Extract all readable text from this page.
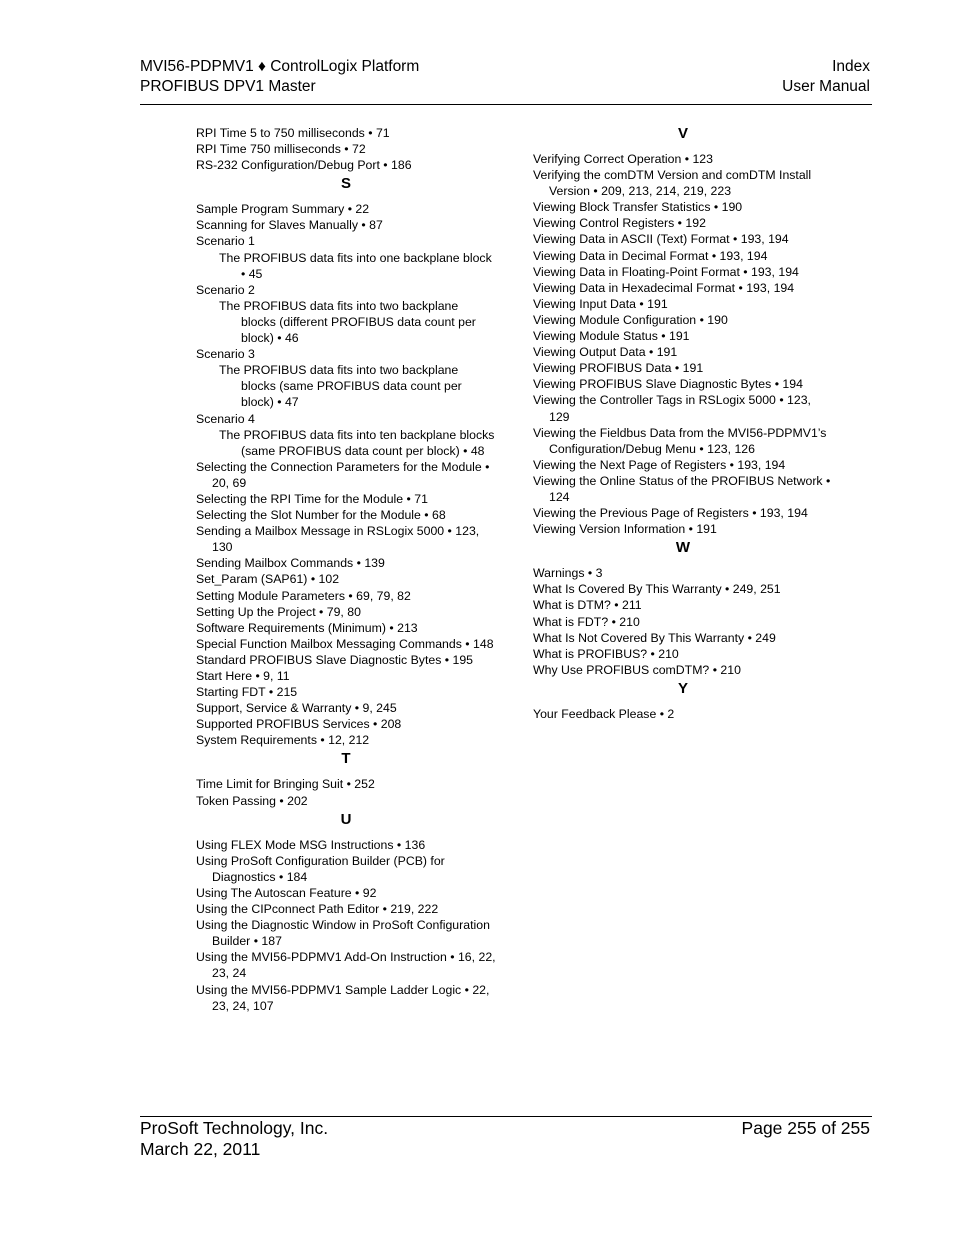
MVI56-PDPMV1 ♦ ControlLogix Platform
PROFIBUS DPV1 Master
Index
User Manual
RPI Time 5 to 750 milliseconds • 71
RPI Time 750 milliseconds • 72
RS-232 Configuration/Debug Port • 186
S
Sample Program Summary • 22
Scanning for Slaves Manually • 87
Scenario 1
The PROFIBUS data fits into one backplane block • 45
Scenario 2
The PROFIBUS data fits into two backplane blocks (different PROFIBUS data count per block) • 46
Scenario 3
The PROFIBUS data fits into two backplane blocks (same PROFIBUS data count per block) • 47
Scenario 4
The PROFIBUS data fits into ten backplane blocks (same PROFIBUS data count per block) • 48
Selecting the Connection Parameters for the Module • 20, 69
Selecting the RPI Time for the Module • 71
Selecting the Slot Number for the Module • 68
Sending a Mailbox Message in RSLogix 5000 • 123, 130
Sending Mailbox Commands • 139
Set_Param (SAP61) • 102
Setting Module Parameters • 69, 79, 82
Setting Up the Project • 79, 80
Software Requirements (Minimum) • 213
Special Function Mailbox Messaging Commands • 148
Standard PROFIBUS Slave Diagnostic Bytes • 195
Start Here • 9, 11
Starting FDT • 215
Support, Service & Warranty • 9, 245
Supported PROFIBUS Services • 208
System Requirements • 12, 212
T
Time Limit for Bringing Suit • 252
Token Passing • 202
U
Using FLEX Mode MSG Instructions • 136
Using ProSoft Configuration Builder (PCB) for Diagnostics • 184
Using The Autoscan Feature • 92
Using the CIPconnect Path Editor • 219, 222
Using the Diagnostic Window in ProSoft Configuration Builder • 187
Using the MVI56-PDPMV1 Add-On Instruction • 16, 22, 23, 24
Using the MVI56-PDPMV1 Sample Ladder Logic • 22, 23, 24, 107
V
Verifying Correct Operation • 123
Verifying the comDTM Version and comDTM Install Version • 209, 213, 214, 219, 223
Viewing Block Transfer Statistics • 190
Viewing Control Registers • 192
Viewing Data in ASCII (Text) Format • 193, 194
Viewing Data in Decimal Format • 193, 194
Viewing Data in Floating-Point Format • 193, 194
Viewing Data in Hexadecimal Format • 193, 194
Viewing Input Data • 191
Viewing Module Configuration • 190
Viewing Module Status • 191
Viewing Output Data • 191
Viewing PROFIBUS Data • 191
Viewing PROFIBUS Slave Diagnostic Bytes • 194
Viewing the Controller Tags in RSLogix 5000 • 123, 129
Viewing the Fieldbus Data from the MVI56-PDPMV1’s Configuration/Debug Menu • 123, 126
Viewing the Next Page of Registers • 193, 194
Viewing the Online Status of the PROFIBUS Network • 124
Viewing the Previous Page of Registers • 193, 194
Viewing Version Information • 191
W
Warnings • 3
What Is Covered By This Warranty • 249, 251
What is DTM? • 211
What is FDT? • 210
What Is Not Covered By This Warranty • 249
What is PROFIBUS? • 210
Why Use PROFIBUS comDTM? • 210
Y
Your Feedback Please • 2
ProSoft Technology, Inc.
March 22, 2011
Page 255 of 255
